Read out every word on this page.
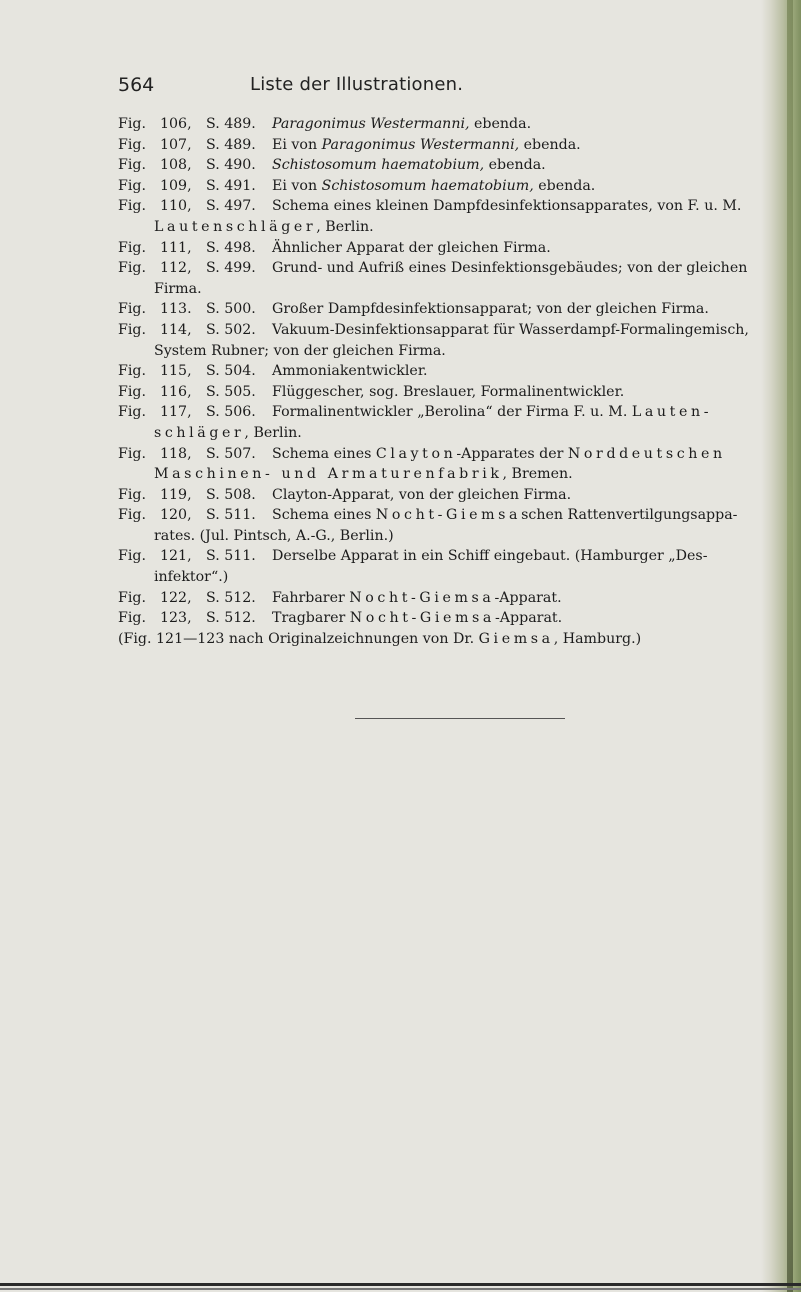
564	Liste der Illustrationen.
Fig. 106, S. 489. Paragonimus Westermanni, ebenda.
Fig. 107, S. 489. Ei von Paragonimus Westermanni, ebenda.
Fig. 108, S. 490. Schistosomum haematobium, ebenda.
Fig. 109, S. 491. Ei von Schistosomum haematobium, ebenda.
Fig. 110, S. 497. Schema eines kleinen Dampfdesinfektionsapparates, von F. u. M.
Lautenschläger, Berlin.
Fig. 111, S. 498. Ähnlicher Apparat der gleichen Firma.
Fig. 112, S. 499. Grund- und Aufriß eines Desinfektionsgebäudes; von der gleichen
Firma.
Fig. 113. S. 500. Großer Dampfdesinfektionsapparat; von der gleichen Firma.
Fig. 114, S. 502. Vakuum-Desinfektionsapparat für Wasserdampf-Formalingemisch,
System Rubner; von der gleichen Firma.
Fig. 115, S. 504. Ammoniakentwickler.
Fig. 116, S. 505. Flüggescher, sog. Breslauer, Formalinentwickler.
Fig. 117, S. 506. Formalinentwickler „Berolina“ der Firma F. u. M. Lauten-
schläger, Berlin.
Fig. 118, S. 507. Schema eines Clayton-Apparates der Norddeutschen
Maschinen- und Armaturenfabrik, Bremen.
Fig. 119, S. 508. Clayton-Apparat, von der gleichen Firma.
Fig. 120, S. 511. Schema eines Nocht-Giemsaschen Rattenvertilgungsappa-
rates. (Jul. Pintsch, A.-G., Berlin.)
Fig. 121, S. 511. Derselbe Apparat in ein Schiff eingebaut. (Hamburger „Des-
infektor“.)
Fig. 122, S. 512. Fahrbarer Nocht-Giemsa-Apparat.
Fig. 123, S. 512. Tragbarer Nocht-Giemsa-Apparat.
(Fig. 121—123 nach Originalzeichnungen von Dr. Giemsa, Hamburg.)
